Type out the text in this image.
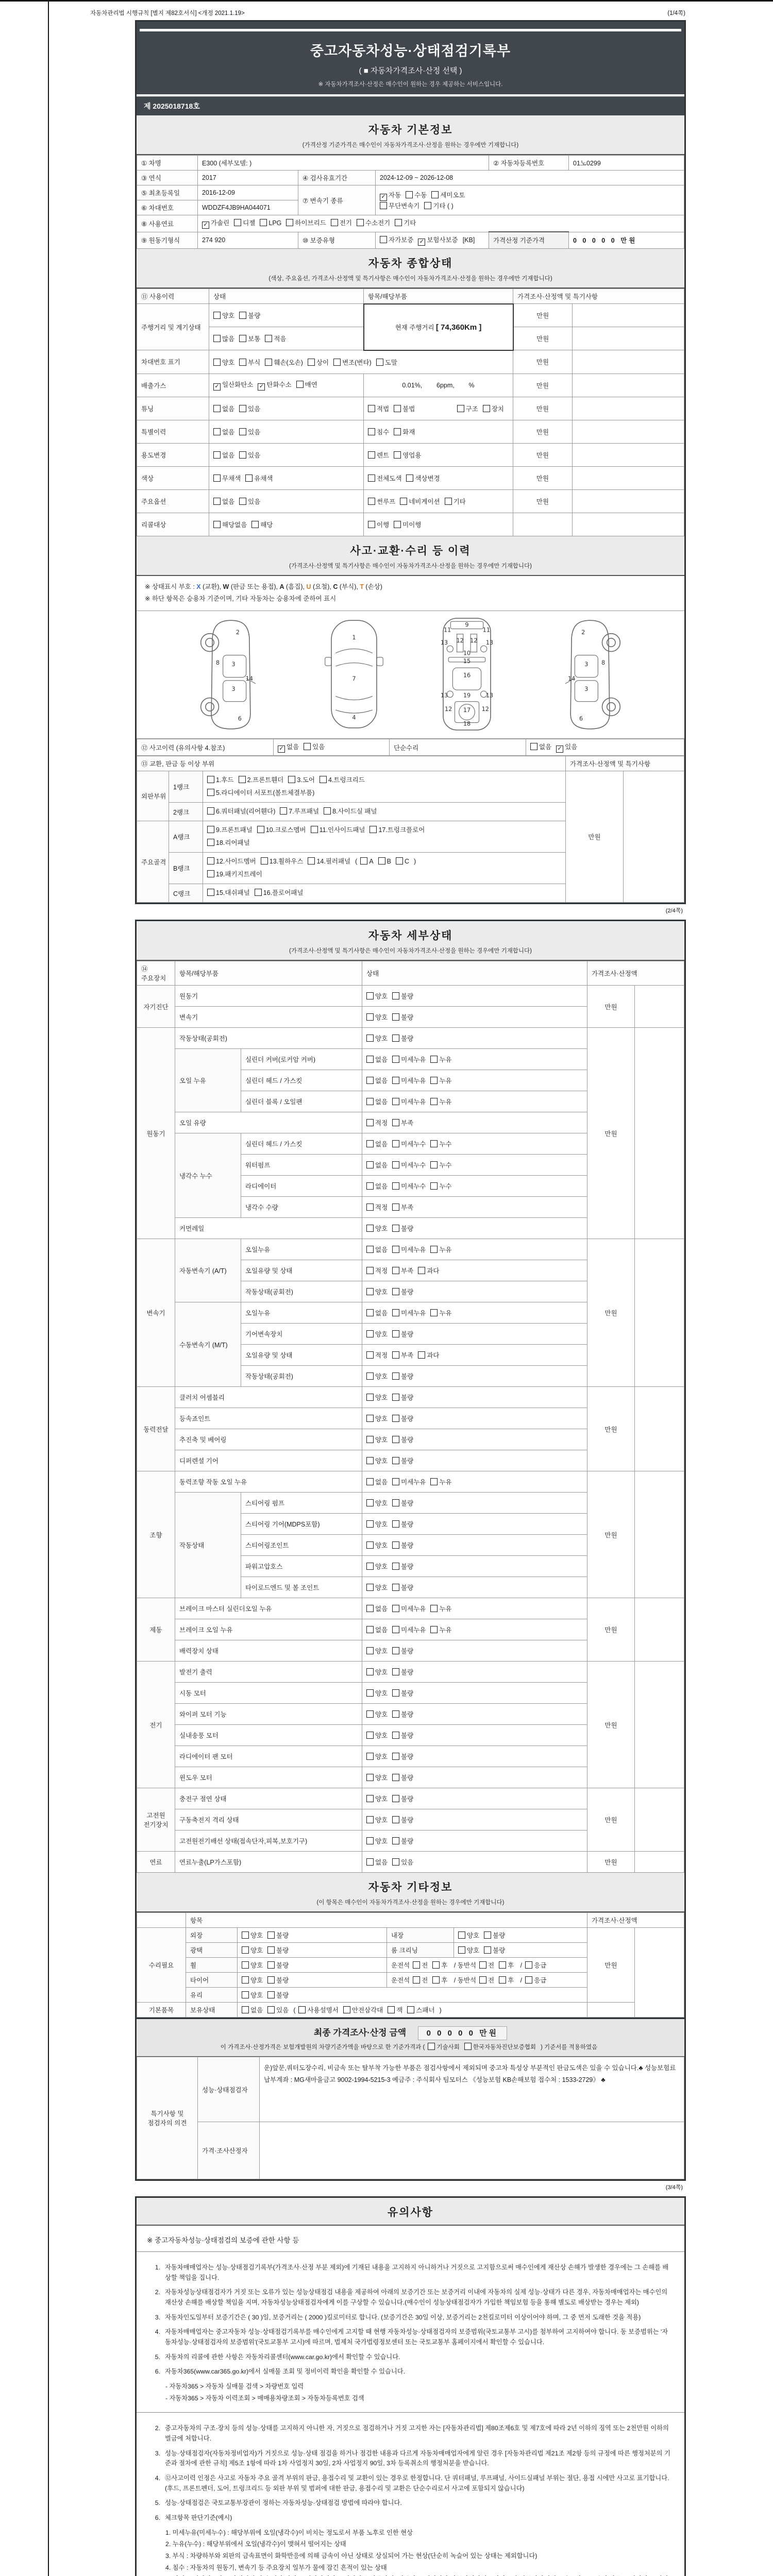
자동차관리법 시행규칙 [별지 제82호서식] <개정 2021.1.19>	(1/4쪽)
중고자동차성능·상태점검기록부
( ■ 자동차가격조사·산정 선택 )
※ 자동차가격조사·산정은 매수인이 원하는 경우 제공하는 서비스입니다.
제 2025018718호
자동차 기본정보
(가격산정 기준가격은 매수인이 자동차가격조사·산정을 원하는 경우에만 기재합니다)
① 차명	E300 (세부모델: )			② 자동차등록번호	01노0299
③ 연식	2017	④ 검사유효기간	2024-12-09 ~ 2026-12-08		
⑤ 최초등록일	2016-12-09	⑦ 변속기 종류	✓ 자동 수동 세미오토
무단변속기 기타 ( )		
⑥ 차대번호	WDDZF4JB9HA044071				
⑧ 사용연료	✓ 가솔린 디젤 LPG 하이브리드 전기 수소전기 기타				
⑨ 원동기형식	274 920	⑩ 보증유형	자가보증 ✓ 보험사보증 [KB]	가격산정 기준가격	0 0 0 0 0 만원
자동차 종합상태
(색상, 주요옵션, 가격조사·산정액 및 특기사항은 매수인이 자동차가격조사·산정을 원하는 경우에만 기재합니다)
⑪ 사용이력	상태	항목/해당부품	가격조사·산정액 및 특기사항	
주행거리 및 계기상태	양호 불량	현재 주행거리 [ 74,360Km ]	만원	
	많음 보통 적음		만원	
차대번호 표기	양호 부식 훼손(오손) 상이 변조(변타) 도말		만원	
배출가스	✓ 일산화탄소 ✓ 탄화수소 매연	0.01%,        6ppm,        %	만원	
튜닝	없음 있음	적법 불법 구조 장치	만원	
특별이력	없음 있음	침수 화재	만원	
용도변경	없음 있음	렌트 영업용	만원	
색상	무채색 유채색	전체도색 색상변경	만원	
주요옵션	없음 있음	썬루프 네비게이션 기타	만원	
리콜대상	해당없음 해당	이행 미이행		
사고·교환·수리 등 이력
(가격조사·산정액 및 특기사항은 매수인이 자동차가격조사·산정을 원하는 경우에만 기재합니다)
※ 상태표시 부호 : X (교환), W (판금 또는 용접), A (흠집), U (요철), C (부식), T (손상)
※ 하단 항목은 승용차 기준이며, 기타 자동차는 승용차에 준하여 표시
2
8 3
14
3
6
1
7
4
9
11	11
13 12 12 13
10
15
16
13	19	13
12 17 12
18
2
3 8
14
3
6
⑫ 사고이력 (유의사항 4.참조)	✓ 없음 있음	단순수리	없음 ✓ 있음
⑬ 교환, 판금 등 이상 부위			가격조사·산정액 및 특기사항	
외판부위	1랭크	1.후드 2.프론트휀더 3.도어 4.트렁크리드
5.라디에이터 서포트(볼트체결부품)	만원	
	2랭크	6.쿼터패널(리어휀다) 7.루프패널 8.사이드실 패널		
주요골격	A랭크	9.프론트패널 10.크로스멤버 11.인사이드패널 17.트렁크플로어
18.리어패널		
	B랭크	12.사이드멤버 13.휠하우스 14.필러패널 ( A B C )
19.패키지트레이		
	C랭크	15.대쉬패널 16.플로어패널		
(2/4쪽)
자동차 세부상태
(가격조사·산정액 및 특기사항은 매수인이 자동차가격조사·산정을 원하는 경우에만 기재합니다)
⑭ 주요장치	항목/해당부품		상태	가격조사·산정액	
자기진단	원동기		양호 불량	만원	
	변속기		양호 불량		
원동기	작동상태(공회전)		양호 불량	만원	
	오일 누유	실린더 커버(로커암 커버)	없음 미세누유 누유		
		실린더 헤드 / 가스킷	없음 미세누유 누유		
		실린더 블록 / 오일팬	없음 미세누유 누유		
	오일 유량		적정 부족		
	냉각수 누수	실린더 헤드 / 가스킷	없음 미세누수 누수		
		워터펌프	없음 미세누수 누수		
		라디에이터	없음 미세누수 누수		
		냉각수 수량	적정 부족		
	커먼레일		양호 불량		
변속기	자동변속기 (A/T)	오일누유	없음 미세누유 누유	만원	
		오일유량 및 상태	적정 부족 과다		
		작동상태(공회전)	양호 불량		
	수동변속기 (M/T)	오일누유	없음 미세누유 누유		
		기어변속장치	양호 불량		
		오일유량 및 상태	적정 부족 과다		
		작동상태(공회전)	양호 불량		
동력전달	클러치 어셈블리		양호 불량	만원	
	등속죠인트		양호 불량		
	추진축 및 베어링		양호 불량		
	디퍼렌셜 기어		양호 불량		
조향	동력조향 작동 오일 누유		없음 미세누유 누유	만원	
	작동상태	스티어링 펌프	양호 불량		
		스티어링 기어(MDPS포함)	양호 불량		
		스티어링조인트	양호 불량		
		파워고압호스	양호 불량		
		타이로드엔드 및 볼 조인트	양호 불량		
제동	브레이크 마스터 실린더오일 누유		없음 미세누유 누유	만원	
	브레이크 오일 누유		없음 미세누유 누유		
	배력장치 상태		양호 불량		
전기	발전기 출력		양호 불량	만원	
	시동 모터		양호 불량		
	와이퍼 모터 기능		양호 불량		
	실내송풍 모터		양호 불량		
	라디에이터 팬 모터		양호 불량		
	윈도우 모터		양호 불량		
고전원 전기장치	충전구 절연 상태		양호 불량	만원	
	구동축전지 격리 상태		양호 불량		
	고전원전기배선 상태(접속단자,피복,보호기구)		양호 불량		
연료	연료누출(LP가스포함)		없음 있음	만원	
자동차 기타정보
(이 항목은 매수인이 자동차가격조사·산정을 원하는 경우에만 기재합니다)
	항목				가격조사·산정액	
수리필요	외장	양호 불량	내장	양호 불량	만원	
	광택	양호 불량	룸 크리닝	양호 불량		
	휠	양호 불량	운전석 전 후 / 동반석 전 후 / 응급			
	타이어	양호 불량	운전석 전 후 / 동반석 전 후 / 응급			
	유리	양호 불량				
기본품목	보유상태	없음 있음 ( 사용설명서 안전삼각대 잭 스패너 )				
최종 가격조사·산정 금액	0 0 0 0 0 만원
이 가격조사·산정가격은 보험개발원의 차량기준가액을 바탕으로 한 기준가격과 ( 기술사회 한국자동차진단보증협회 ) 기준서를 적용하였음
특기사항 및 점검자의 의견	성능·상태점검자	운)앞문,쿼터도장수리, 비금속 또는 탈부착 가능한 부품은 점검사항에서 제외되며 중고차 특성상 부분적인 판금도색은 있을 수 있습니다.♣ 성능보험료 납부계좌 : MG새마을금고 9002-1994-5215-3 예금주 : 주식회사 팀모터스 《성능보험 KB손해보험 접수처 : 1533-2729》 ♣
	가격·조사산정자	
(3/4쪽)
유의사항
※ 중고자동차성능·상태점검의 보증에 관한 사항 등
1. 자동차매매업자는 성능·상태점검기록부(가격조사·산정 부분 제외)에 기재된 내용을 고지하지 아니하거나 거짓으로 고지함으로써 매수인에게 재산상 손해가 발생한 경우에는 그 손해를 배상할 책임을 집니다.
2. 자동차성능상태점검자가 거짓 또는 오류가 있는 성능상태점검 내용을 제공하여 아래의 보증기간 또는 보증거리 이내에 자동차의 실제 성능·상태가 다른 경우, 자동차매매업자는 매수인의 재산상 손해를 배상할 책임을 지며, 자동차성능상태점검자에게 이를 구상할 수 있습니다.(매수인이 성능상태점검자가 가입한 책임보험 등을 통해 별도로 배상받는 경우는 제외)
3. 자동차인도일부터 보증기간은 ( 30 )일, 보증거리는 ( 2000 )킬로미터로 합니다. (보증기간은 30일 이상, 보증거리는 2천킬로미터 이상이어야 하며, 그 중 먼저 도래한 것을 적용)
4. 자동차매매업자는 중고자동차 성능·상태점검기록부를 매수인에게 고지할 때 현행 자동차성능·상태점검자의 보증범위(국토교통부 고시)를 첨부하여 고지하여야 합니다. 동 보증범위는 '자동차성능·상태점검자의 보증범위'(국토교통부 고시)에 따르며, 법제처 국가법령정보센터 또는 국토교통부 홈페이지에서 확인할 수 있습니다.
5. 자동차의 리콜에 관한 사항은 자동차리콜센터(www.car.go.kr)에서 확인할 수 있습니다.
6. 자동차365(www.car365.go.kr)에서 실매물 조회 및 정비이력 확인을 확인할 수 있습니다.
- 자동차365 > 자동차 실매물 검색 > 차량번호 입력
- 자동차365 > 자동차 이력조회 > 매매용차량조회 > 자동차등록번호 검색
2. 중고자동차의 구조·장치 등의 성능·상태를 고지하지 아니한 자, 거짓으로 점검하거나 거짓 고지한 자는 [자동차관리법] 제80조제6호 및 제7호에 따라 2년 이하의 징역 또는 2천만원 이하의 벌금에 처합니다.
3. 성능·상태점검자(자동차정비업자)가 거짓으로 성능·상태 점검을 하거나 점검한 내용과 다르게 자동차매매업자에게 알린 경우 [자동차관리법 제21조 제2항 등의 규정에 따른 행정처분의 기준과 절차에 관한 규칙] 제5조 1항에 따라 1차 사업정지 30일, 2차 사업정지 90일, 3차 등록취소의 행정처분을 받습니다.
4. ⑫사고이력 인정은 사고로 자동차 주요 골격 부위의 판금, 용접수리 및 교환이 있는 경우로 한정합니다. 단 쿼터패널, 루프패널, 사이드실패널 부위는 절단, 용접 시에만 사고로 표기합니다. (후드, 프론트펜더, 도어, 트렁크리드 등 외판 부위 및 범퍼에 대한 판금, 용접수리 및 교환은 단순수리로서 사고에 포함되지 않습니다)
5. 성능·상태점검은 국토교통부장관이 정하는 자동차성능·상태점검 방법에 따라야 합니다.
6. 체크항목 판단기준(예시)
1. 미세누유(미세누수) : 해당부위에 오일(냉각수)이 비치는 정도로서 부품 노후로 인한 현상
2. 누유(누수) : 해당부위에서 오일(냉각수)이 맺혀서 떨어지는 상태
3. 부식 : 차량하부와 외판의 금속표면이 화학반응에 의해 금속이 아닌 상태로 상실되어 가는 현상(단순히 녹슬어 있는 상태는 제외합니다)
4. 침수 : 자동차의 원동기, 변속기 등 주요장치 일부가 물에 잠긴 흔적이 있는 상태
